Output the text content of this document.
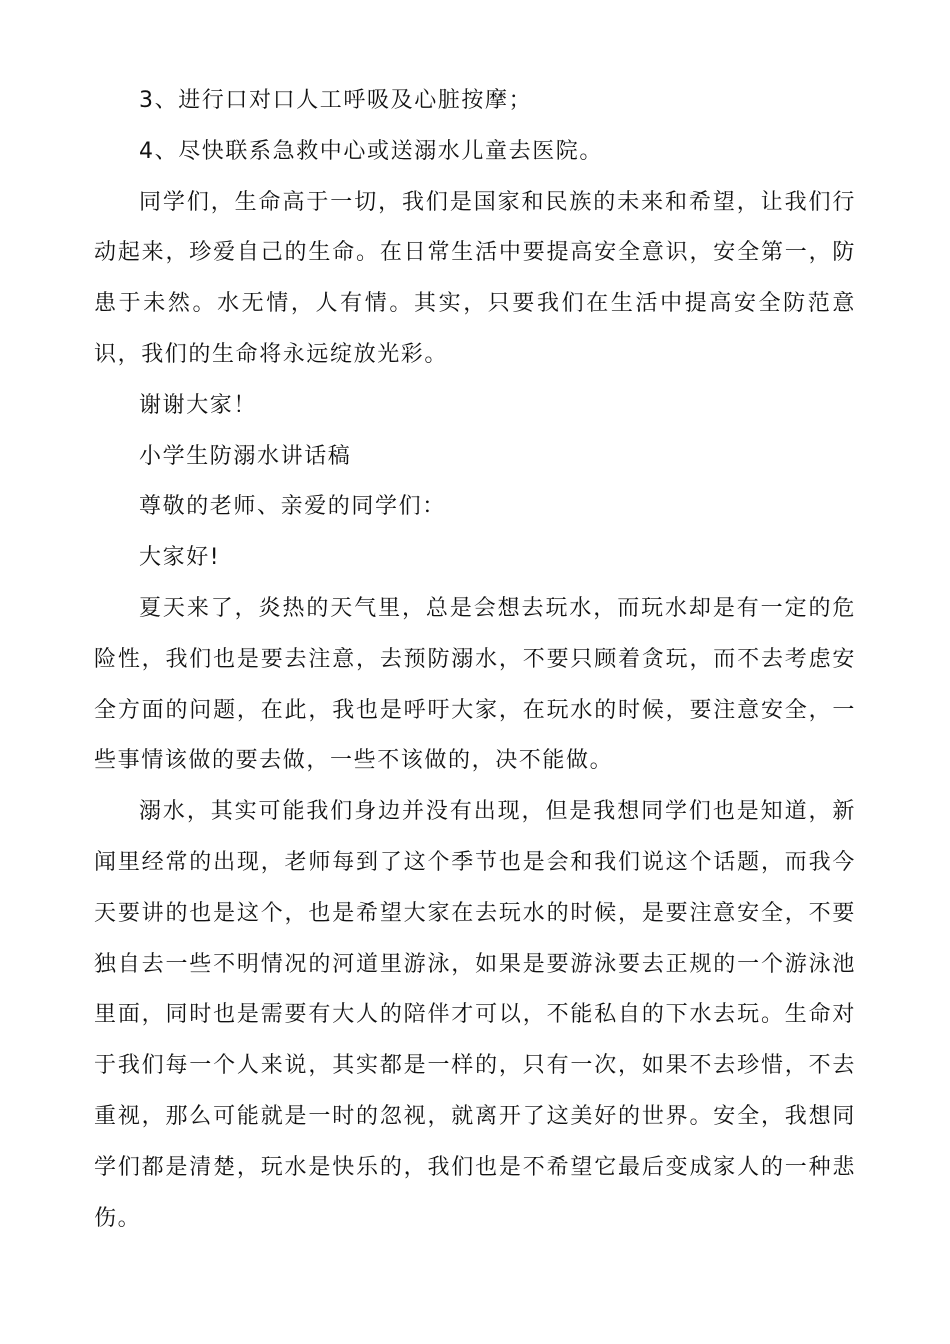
3、进行口对口人工呼吸及心脏按摩；

4、尽快联系急救中心或送溺水儿童去医院。

同学们，生命高于一切，我们是国家和民族的未来和希望，让我们行动起来，珍爱自己的生命。在日常生活中要提高安全意识，安全第一，防患于未然。水无情，人有情。其实，只要我们在生活中提高安全防范意识，我们的生命将永远绽放光彩。

谢谢大家！

小学生防溺水讲话稿

尊敬的老师、亲爱的同学们：

大家好!

夏天来了，炎热的天气里，总是会想去玩水，而玩水却是有一定的危险性，我们也是要去注意，去预防溺水，不要只顾着贪玩，而不去考虑安全方面的问题，在此，我也是呼吁大家，在玩水的时候，要注意安全，一些事情该做的要去做，一些不该做的，决不能做。

溺水，其实可能我们身边并没有出现，但是我想同学们也是知道，新闻里经常的出现，老师每到了这个季节也是会和我们说这个话题，而我今天要讲的也是这个，也是希望大家在去玩水的时候，是要注意安全，不要独自去一些不明情况的河道里游泳，如果是要游泳要去正规的一个游泳池里面，同时也是需要有大人的陪伴才可以，不能私自的下水去玩。生命对于我们每一个人来说，其实都是一样的，只有一次，如果不去珍惜，不去重视，那么可能就是一时的忽视，就离开了这美好的世界。安全，我想同学们都是清楚，玩水是快乐的，我们也是不希望它最后变成家人的一种悲伤。
